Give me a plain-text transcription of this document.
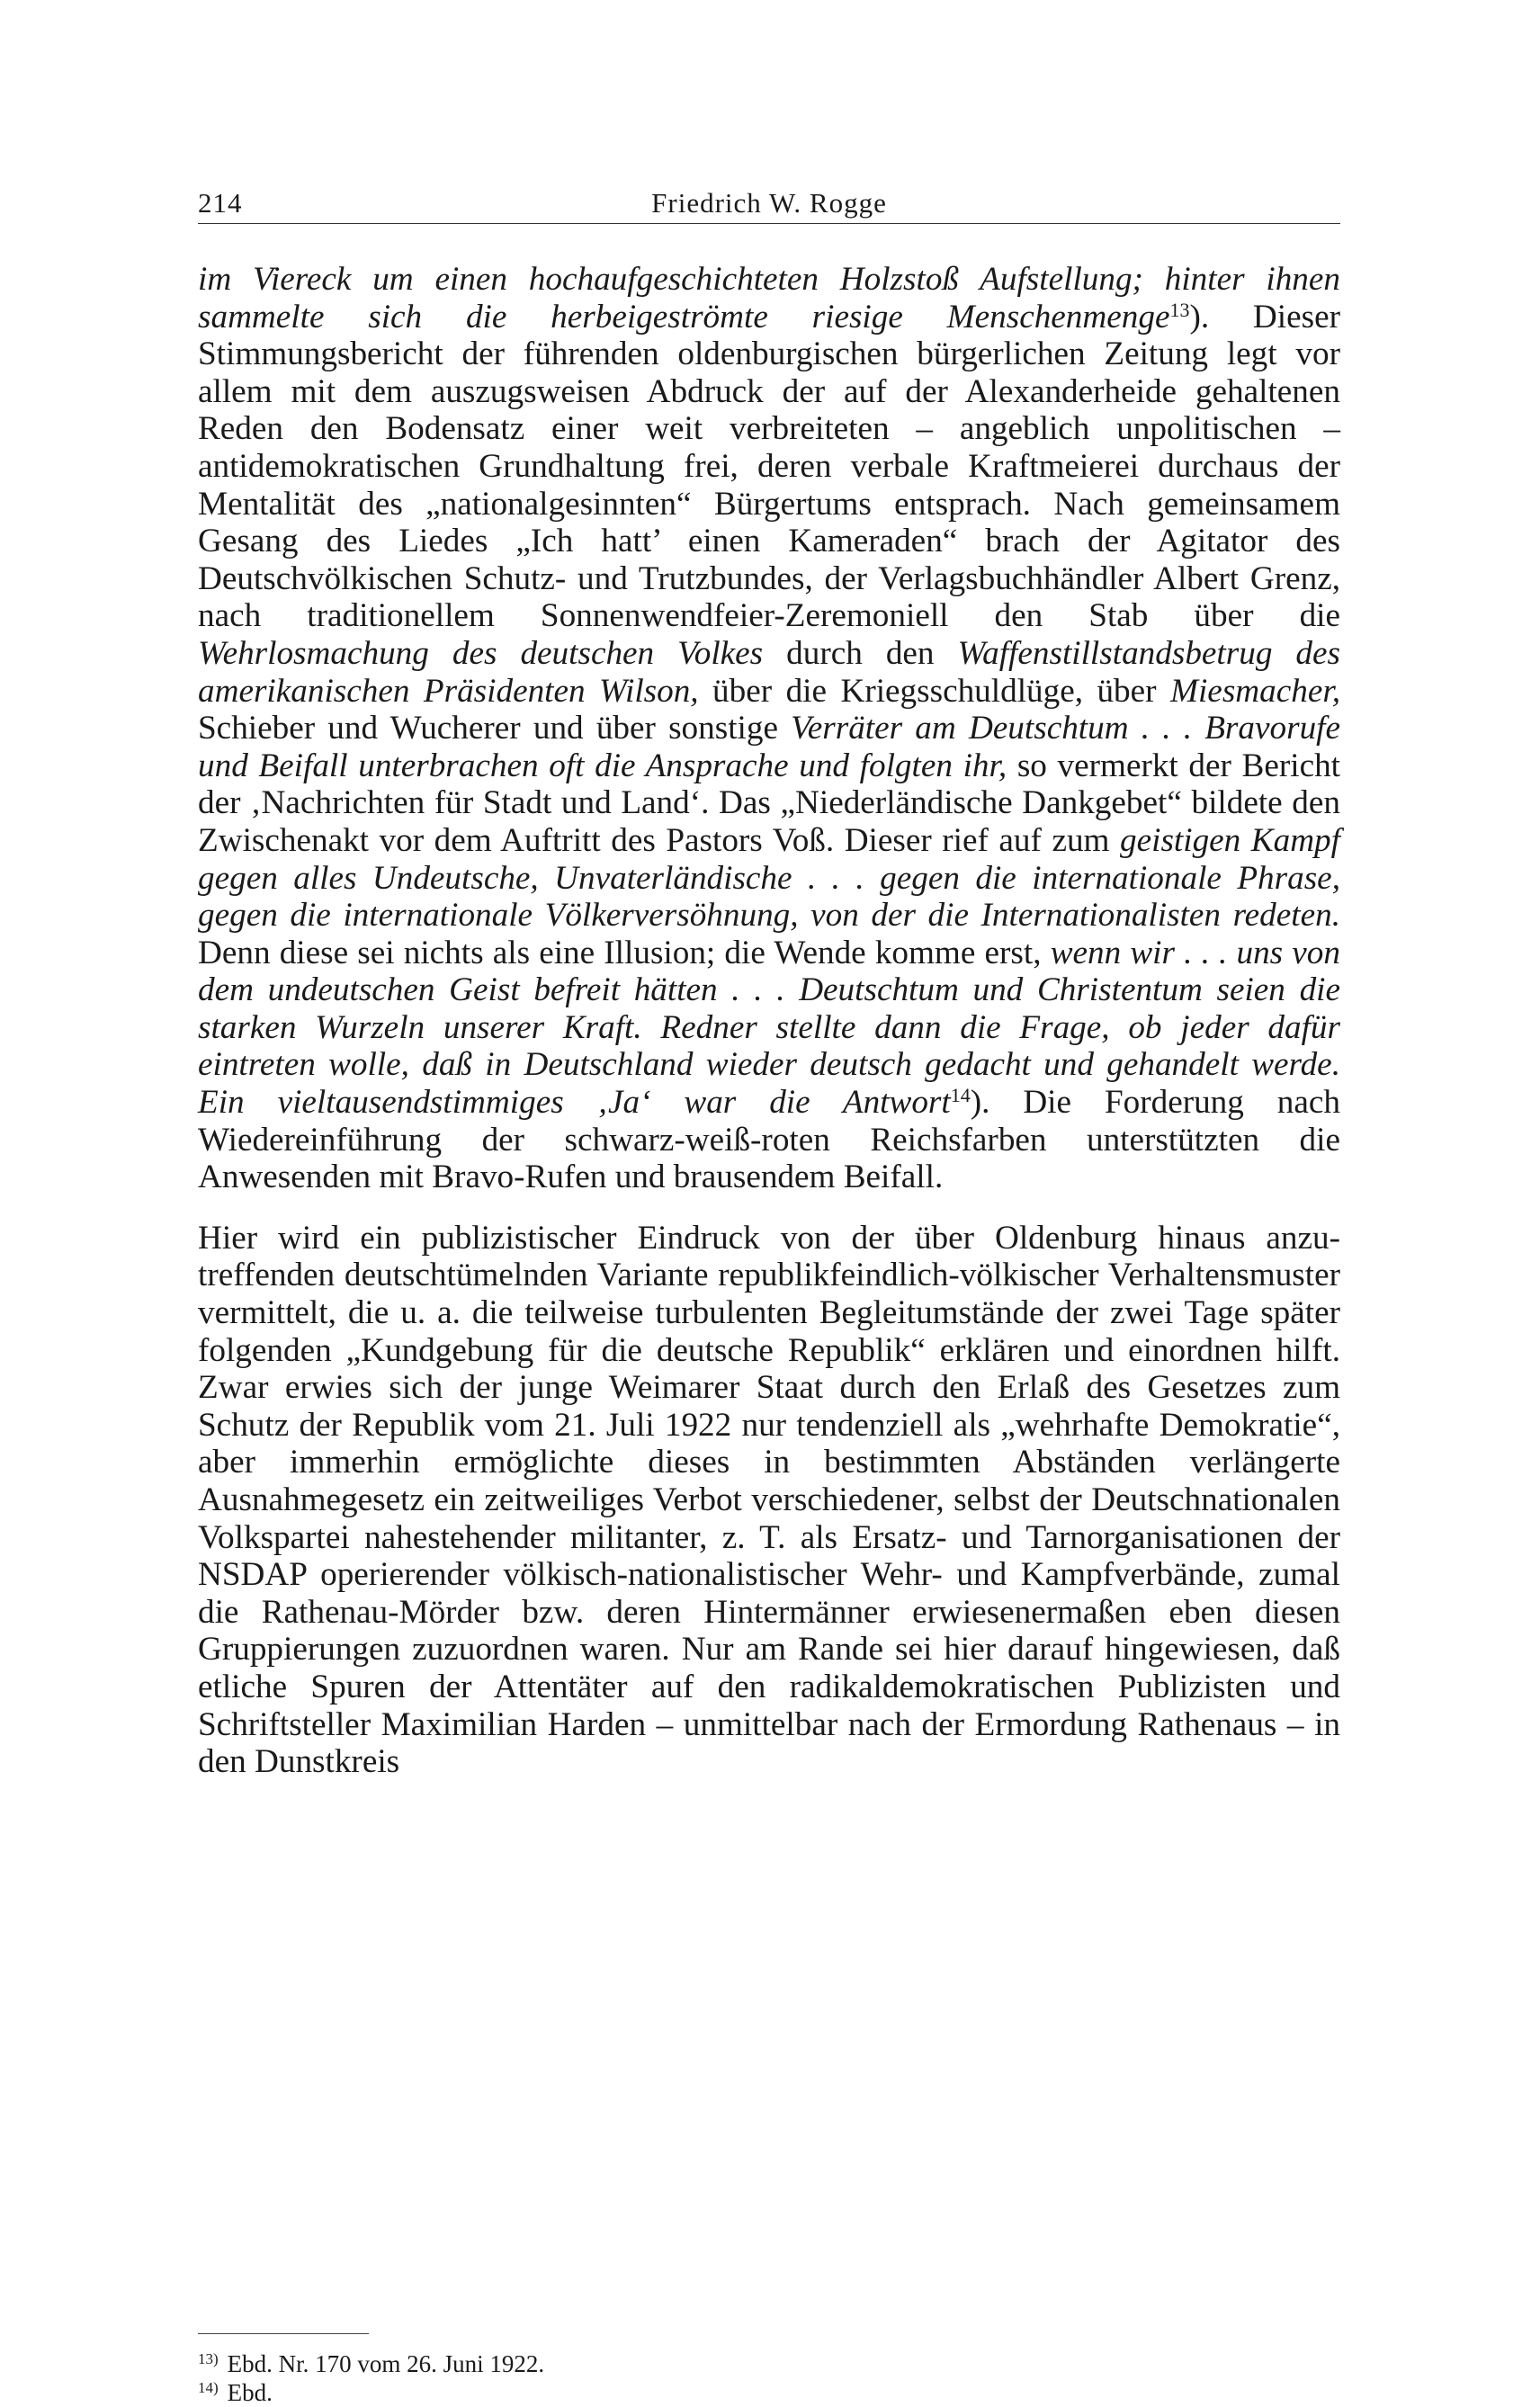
214	Friedrich W. Rogge

im Viereck um einen hochaufgeschichteten Holzstoß Aufstellung; hinter ihnen sammelte sich die herbeigeströmte riesige Menschenmenge$^{13}$). Dieser Stimmungsbericht der führenden oldenburgischen bürgerlichen Zeitung legt vor allem mit dem auszugsweisen Abdruck der auf der Alexanderheide gehaltenen Reden den Bodensatz einer weit verbreiteten – angeblich unpolitischen – antidemokratischen Grundhaltung frei, deren verbale Kraftmeierei durchaus der Mentalität des „nationalgesinnten“ Bürgertums entsprach. Nach gemeinsamem Gesang des Liedes „Ich hatt’ einen Kameraden“ brach der Agitator des Deutschvölkischen Schutz- und Trutzbundes, der Verlagsbuchhändler Albert Grenz, nach traditionellem Sonnenwendfeier-Zeremoniell den Stab über die Wehrlosmachung des deutschen Volkes durch den Waffenstillstandsbetrug des amerikanischen Präsidenten Wilson, über die Kriegsschuldlüge, über Miesmacher, Schieber und Wucherer und über sonstige Verräter am Deutschtum . . . Bravorufe und Beifall unterbrachen oft die Ansprache und folgten ihr, so vermerkt der Bericht der ‚Nachrichten für Stadt und Land‘. Das „Niederländische Dankgebet“ bildete den Zwischenakt vor dem Auftritt des Pastors Voß. Dieser rief auf zum geistigen Kampf gegen alles Undeutsche, Unvaterländische . . . gegen die internationale Phrase, gegen die internationale Völkerversöhnung, von der die Internationalisten redeten. Denn diese sei nichts als eine Illusion; die Wende komme erst, wenn wir . . . uns von dem undeutschen Geist befreit hätten . . . Deutschtum und Christentum seien die starken Wurzeln unserer Kraft. Redner stellte dann die Frage, ob jeder dafür eintreten wolle, daß in Deutschland wieder deutsch gedacht und gehandelt werde. Ein vieltausendstimmiges ‚Ja‘ war die Antwort$^{14}$). Die Forderung nach Wiedereinführung der schwarz-weiß-roten Reichsfarben unterstützten die Anwesenden mit Bravo-Rufen und brausendem Beifall.

Hier wird ein publizistischer Eindruck von der über Oldenburg hinaus anzutreffenden deutschtümelnden Variante republikfeindlich-völkischer Verhaltensmuster vermittelt, die u. a. die teilweise turbulenten Begleitumstände der zwei Tage später folgenden „Kundgebung für die deutsche Republik“ erklären und einordnen hilft. Zwar erwies sich der junge Weimarer Staat durch den Erlaß des Gesetzes zum Schutz der Republik vom 21. Juli 1922 nur tendenziell als „wehrhafte Demokratie“, aber immerhin ermöglichte dieses in bestimmten Abständen verlängerte Ausnahmegesetz ein zeitweiliges Verbot verschiedener, selbst der Deutschnationalen Volkspartei nahestehender militanter, z. T. als Ersatz- und Tarnorganisationen der NSDAP operierender völkisch-nationalistischer Wehr- und Kampfverbände, zumal die Rathenau-Mörder bzw. deren Hintermänner erwiesenermaßen eben diesen Gruppierungen zuzuordnen waren. Nur am Rande sei hier darauf hingewiesen, daß etliche Spuren der Attentäter auf den radikaldemokratischen Publizisten und Schriftsteller Maximilian Harden – unmittelbar nach der Ermordung Rathenaus – in den Dunstkreis

$^{13)}$ Ebd. Nr. 170 vom 26. Juni 1922.
$^{14)}$ Ebd.
